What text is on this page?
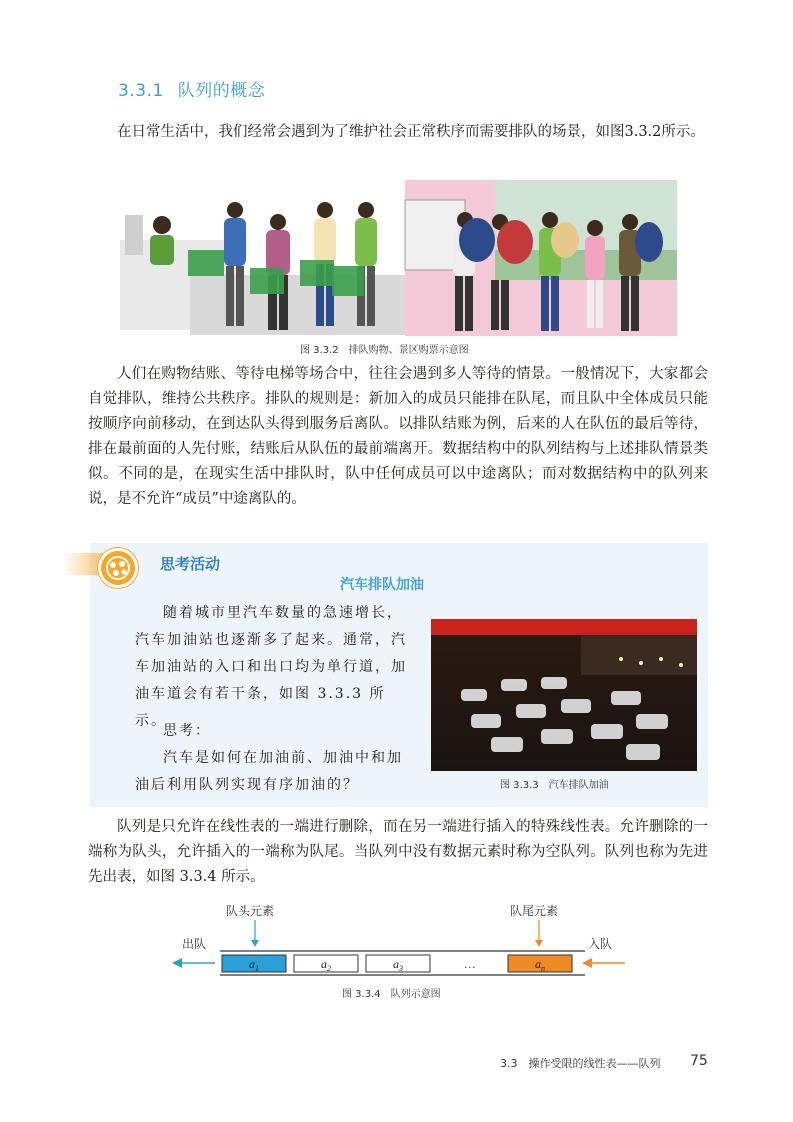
3.3.1 队列的概念
在日常生活中，我们经常会遇到为了维护社会正常秩序而需要排队的场景，如图3.3.2所示。
图 3.3.2　排队购物、景区购票示意图
人们在购物结账、等待电梯等场合中，往往会遇到多人等待的情景。一般情况下，大家都会自觉排队，维持公共秩序。排队的规则是：新加入的成员只能排在队尾，而且队中全体成员只能按顺序向前移动，在到达队头得到服务后离队。以排队结账为例，后来的人在队伍的最后等待，排在最前面的人先付账，结账后从队伍的最前端离开。数据结构中的队列结构与上述排队情景类似。不同的是，在现实生活中排队时，队中任何成员可以中途离队；而对数据结构中的队列来说，是不允许“成员”中途离队的。
思考活动
汽车排队加油
随着城市里汽车数量的急速增长，汽车加油站也逐渐多了起来。通常，汽车加油站的入口和出口均为单行道，加油车道会有若干条，如图 3.3.3 所示。
思考：
汽车是如何在加油前、加油中和加油后利用队列实现有序加油的？	图 3.3.3　汽车排队加油
队列是只允许在线性表的一端进行删除，而在另一端进行插入的特殊线性表。允许删除的一端称为队头，允许插入的一端称为队尾。当队列中没有数据元素时称为空队列。队列也称为先进先出表，如图 3.3.4 所示。
队头元素	队尾元素
出队	入队
$a_1$	$a_2$	$a_3$	…	$a_n$
图 3.3.4　队列示意图
3.3　操作受限的线性表——队列 75
